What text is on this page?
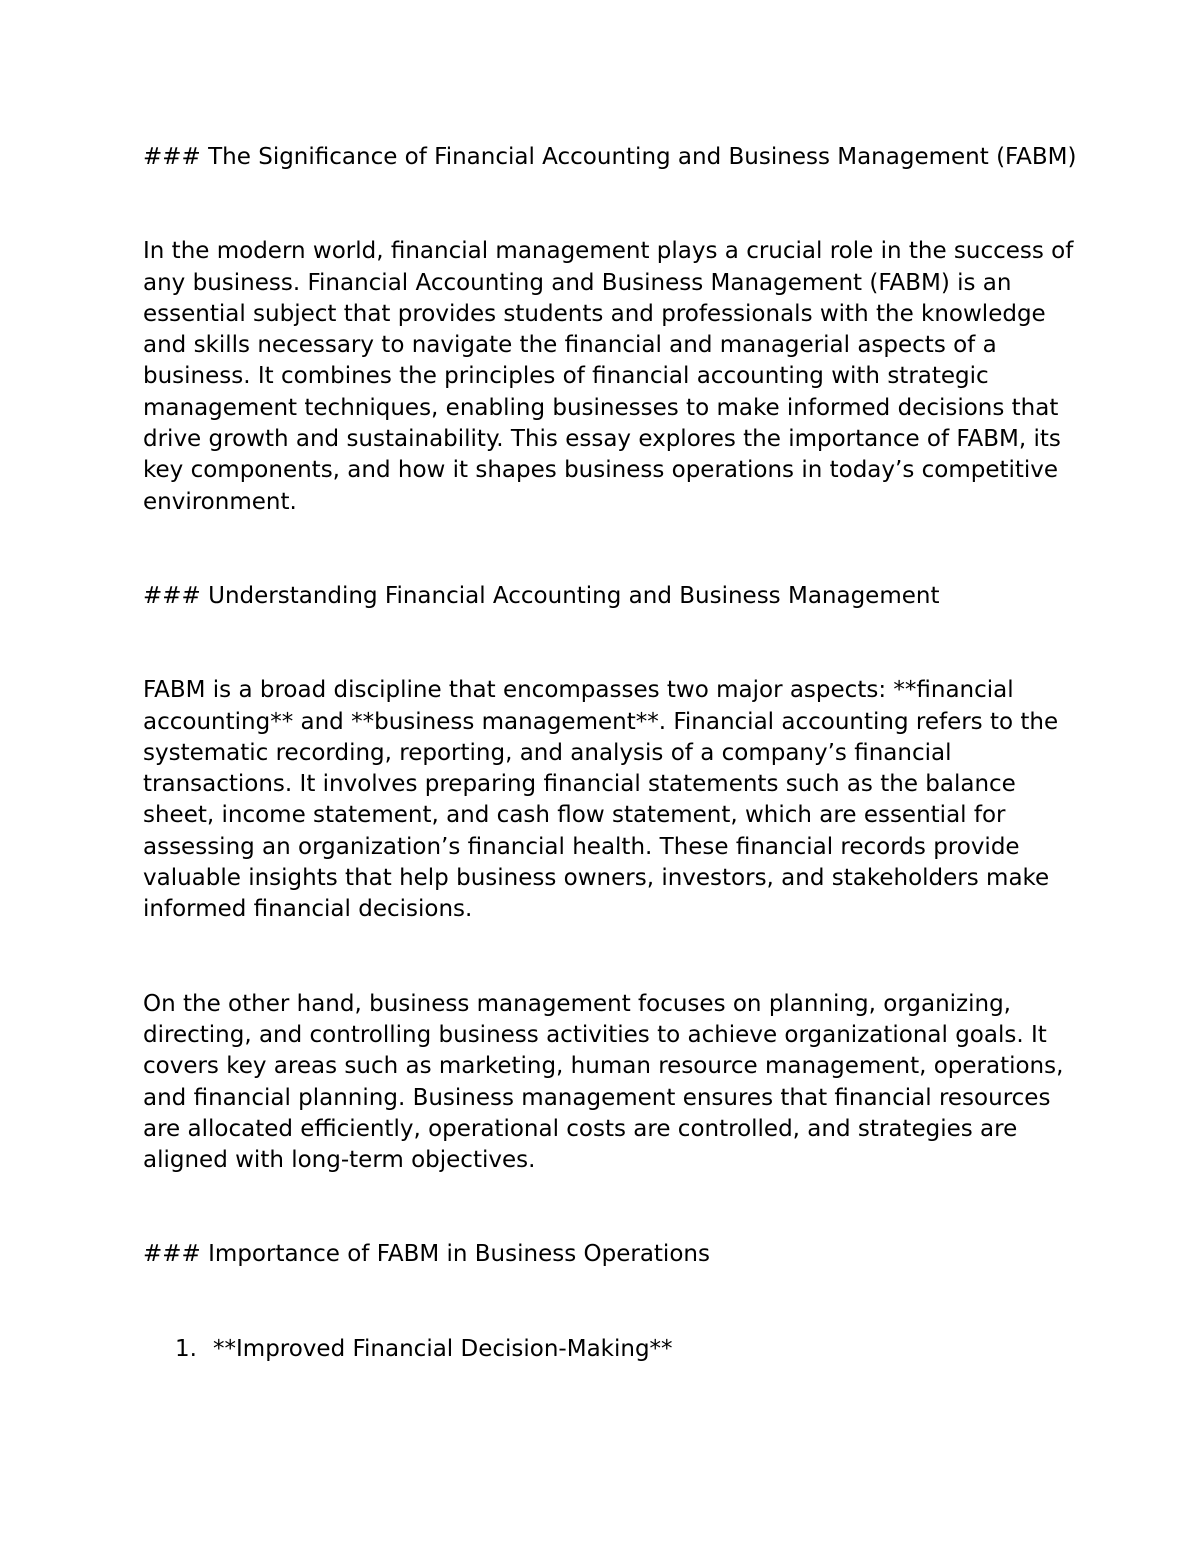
### The Significance of Financial Accounting and Business Management (FABM)

In the modern world, financial management plays a crucial role in the success of any business. Financial Accounting and Business Management (FABM) is an essential subject that provides students and professionals with the knowledge and skills necessary to navigate the financial and managerial aspects of a business. It combines the principles of financial accounting with strategic management techniques, enabling businesses to make informed decisions that drive growth and sustainability. This essay explores the importance of FABM, its key components, and how it shapes business operations in today’s competitive environment.

### Understanding Financial Accounting and Business Management

FABM is a broad discipline that encompasses two major aspects: **financial accounting** and **business management**. Financial accounting refers to the systematic recording, reporting, and analysis of a company’s financial transactions. It involves preparing financial statements such as the balance sheet, income statement, and cash flow statement, which are essential for assessing an organization’s financial health. These financial records provide valuable insights that help business owners, investors, and stakeholders make informed financial decisions.

On the other hand, business management focuses on planning, organizing, directing, and controlling business activities to achieve organizational goals. It covers key areas such as marketing, human resource management, operations, and financial planning. Business management ensures that financial resources are allocated efficiently, operational costs are controlled, and strategies are aligned with long-term objectives.

### Importance of FABM in Business Operations

1. **Improved Financial Decision-Making**
